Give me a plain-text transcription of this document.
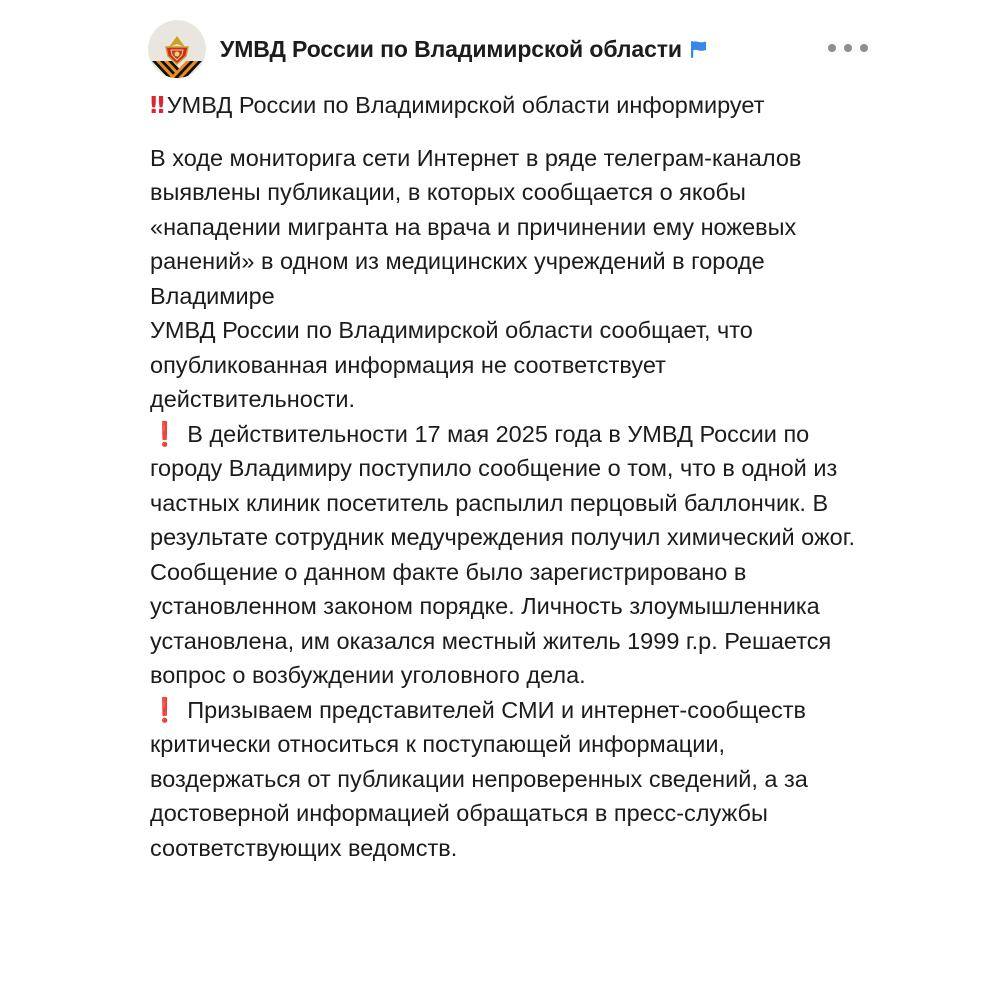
УМВД России по Владимирской области

‼ УМВД России по Владимирской области информирует

В ходе мониторига сети Интернет в ряде телеграм-каналов выявлены публикации, в которых сообщается о якобы «нападении мигранта на врача и причинении ему ножевых ранений» в одном из медицинских учреждений в городе Владимире

УМВД России по Владимирской области сообщает, что опубликованная информация не соответствует действительности.

❗ В действительности 17 мая 2025 года в УМВД России по городу Владимиру поступило сообщение о том, что в одной из частных клиник посетитель распылил перцовый баллончик. В результате сотрудник медучреждения получил химический ожог. Сообщение о данном факте было зарегистрировано в установленном законом порядке. Личность злоумышленника установлена, им оказался местный житель 1999 г.р. Решается вопрос о возбуждении уголовного дела.

❗ Призываем представителей СМИ и интернет-сообществ критически относиться к поступающей информации, воздержаться от публикации непроверенных сведений, а за достоверной информацией обращаться в пресс-службы соответствующих ведомств.
